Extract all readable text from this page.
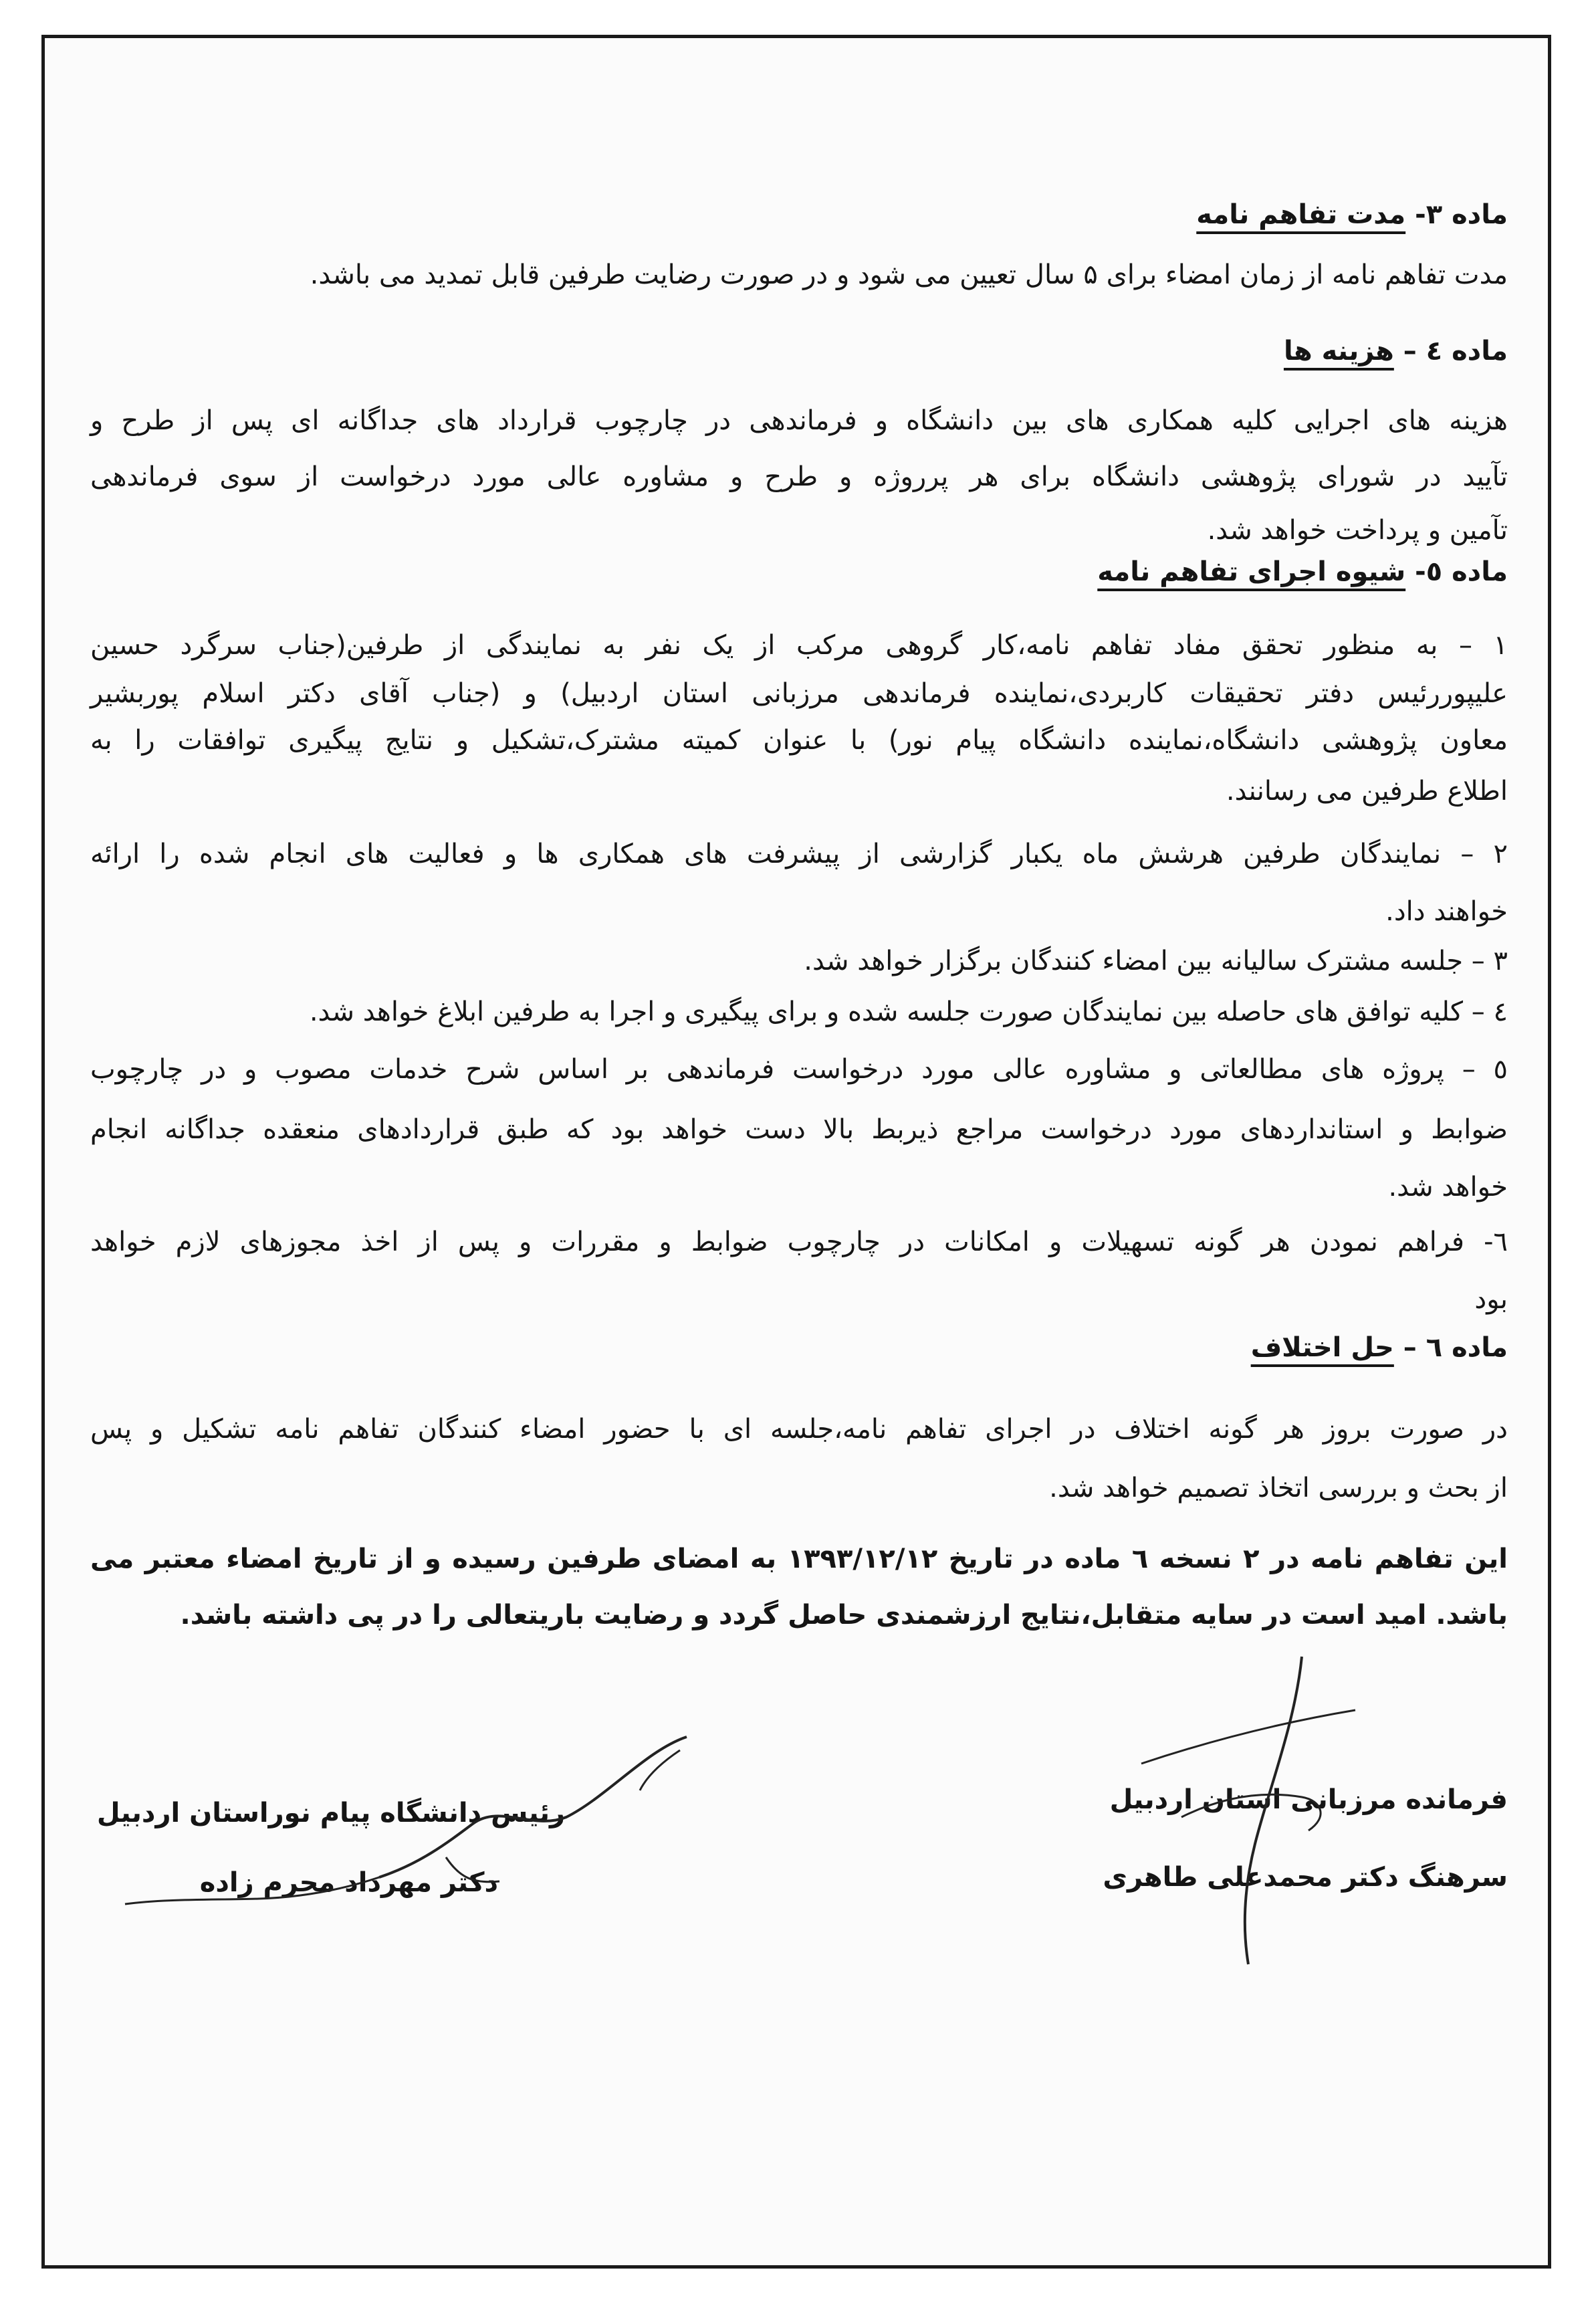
ماده ۳- مدت تفاهم نامه
مدت تفاهم نامه از زمان امضاء برای ۵ سال تعیین می شود و در صورت رضایت طرفین قابل تمدید می باشد.
ماده ٤ – هزینه ها
هزینه های اجرایی کلیه همکاری های بین دانشگاه و فرماندهی در چارچوب قرارداد های جداگانه ای پس از طرح و
تآیید در شورای پژوهشی دانشگاه برای هر پرروژه و طرح و مشاوره عالی مورد درخواست از سوی فرماندهی
تآمین و پرداخت خواهد شد.
ماده ٥- شیوه اجرای تفاهم نامه
۱ – به منظور تحقق مفاد تفاهم نامه،کار گروهی مرکب از یک نفر به نمایندگی از طرفین(جناب سرگرد حسین
علیپوررئیس دفتر تحقیقات کاربردی،نماینده فرماندهی مرزبانی استان اردبیل) و (جناب آقای دکتر اسلام پوربشیر
معاون پژوهشی دانشگاه،نماینده دانشگاه پیام نور) با عنوان کمیته مشترک،تشکیل و نتایج پیگیری توافقات را به
اطلاع طرفین می رسانند.
۲ – نمایندگان طرفین هرشش ماه یکبار گزارشی از پیشرفت های همکاری ها و فعالیت های انجام شده را ارائه
خواهند داد.
۳ – جلسه مشترک سالیانه بین امضاء کنندگان برگزار خواهد شد.
٤ – کلیه توافق های حاصله بین نمایندگان صورت جلسه شده و برای پیگیری و اجرا به طرفین ابلاغ خواهد شد.
٥ – پروژه های مطالعاتی و مشاوره عالی مورد درخواست فرماندهی بر اساس شرح خدمات مصوب و در چارچوب
ضوابط و استانداردهای مورد درخواست مراجع ذیربط بالا دست خواهد بود که طبق قراردادهای منعقده جداگانه انجام
خواهد شد.
٦- فراهم نمودن هر گونه تسهیلات و امکانات در چارچوب ضوابط و مقررات و پس از اخذ مجوزهای لازم خواهد
بود
ماده ٦ – حل اختلاف
در صورت بروز هر گونه اختلاف در اجرای تفاهم نامه،جلسه ای با حضور امضاء کنندگان تفاهم نامه تشکیل و پس
از بحث و بررسی اتخاذ تصمیم خواهد شد.
این تفاهم نامه در ۲ نسخه ٦ ماده در تاریخ ۱۳۹۳/۱۲/۱۲ به امضای طرفین رسیده و از تاریخ امضاء معتبر می
باشد. امید است در سایه متقابل،نتایج ارزشمندی حاصل گردد و رضایت باریتعالی را در پی داشته باشد.
فرمانده مرزبانی استان اردبیل
سرهنگ دکتر محمدعلی طاهری
رئیس دانشگاه پیام نوراستان اردبیل
دکتر مهرداد محرم زاده
